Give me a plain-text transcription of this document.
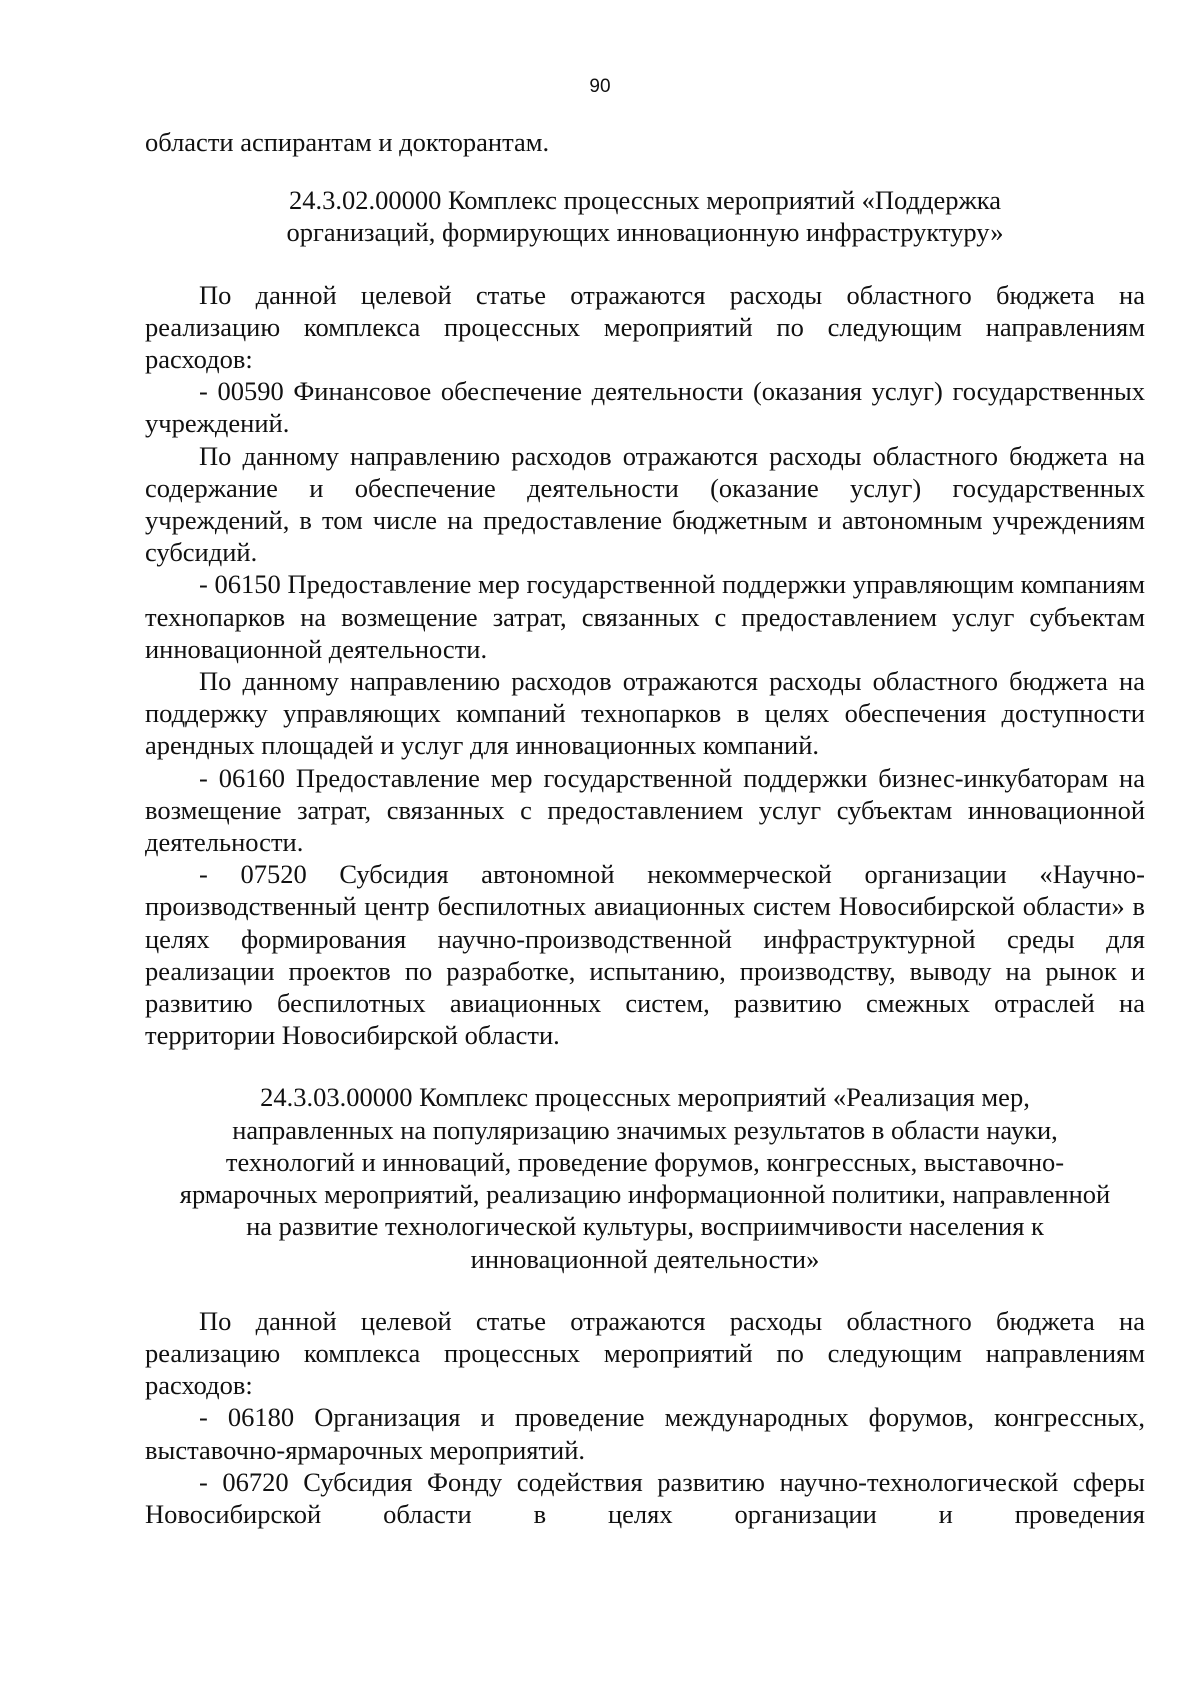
90

области аспирантам и докторантам.

24.3.02.00000 Комплекс процессных мероприятий «Поддержка
организаций, формирующих инновационную инфраструктуру»

По данной целевой статье отражаются расходы областного бюджета на реализацию комплекса процессных мероприятий по следующим направлениям расходов:

- 00590 Финансовое обеспечение деятельности (оказания услуг) государственных учреждений.

По данному направлению расходов отражаются расходы областного бюджета на содержание и обеспечение деятельности (оказание услуг) государственных учреждений, в том числе на предоставление бюджетным и автономным учреждениям субсидий.

- 06150 Предоставление мер государственной поддержки управляющим компаниям технопарков на возмещение затрат, связанных с предоставлением услуг субъектам инновационной деятельности.

По данному направлению расходов отражаются расходы областного бюджета на поддержку управляющих компаний технопарков в целях обеспечения доступности арендных площадей и услуг для инновационных компаний.

- 06160 Предоставление мер государственной поддержки бизнес-инкубаторам на возмещение затрат, связанных с предоставлением услуг субъектам инновационной деятельности.

- 07520 Субсидия автономной некоммерческой организации «Научно-производственный центр беспилотных авиационных систем Новосибирской области» в целях формирования научно-производственной инфраструктурной среды для реализации проектов по разработке, испытанию, производству, выводу на рынок и развитию беспилотных авиационных систем, развитию смежных отраслей на территории Новосибирской области.

24.3.03.00000 Комплекс процессных мероприятий «Реализация мер,
направленных на популяризацию значимых результатов в области науки,
технологий и инноваций, проведение форумов, конгрессных, выставочно-
ярмарочных мероприятий, реализацию информационной политики, направленной
на развитие технологической культуры, восприимчивости населения к
инновационной деятельности»

По данной целевой статье отражаются расходы областного бюджета на реализацию комплекса процессных мероприятий по следующим направлениям расходов:

- 06180 Организация и проведение международных форумов, конгрессных, выставочно-ярмарочных мероприятий.

- 06720 Субсидия Фонду содействия развитию научно-технологической сферы Новосибирской области в целях организации и проведения
